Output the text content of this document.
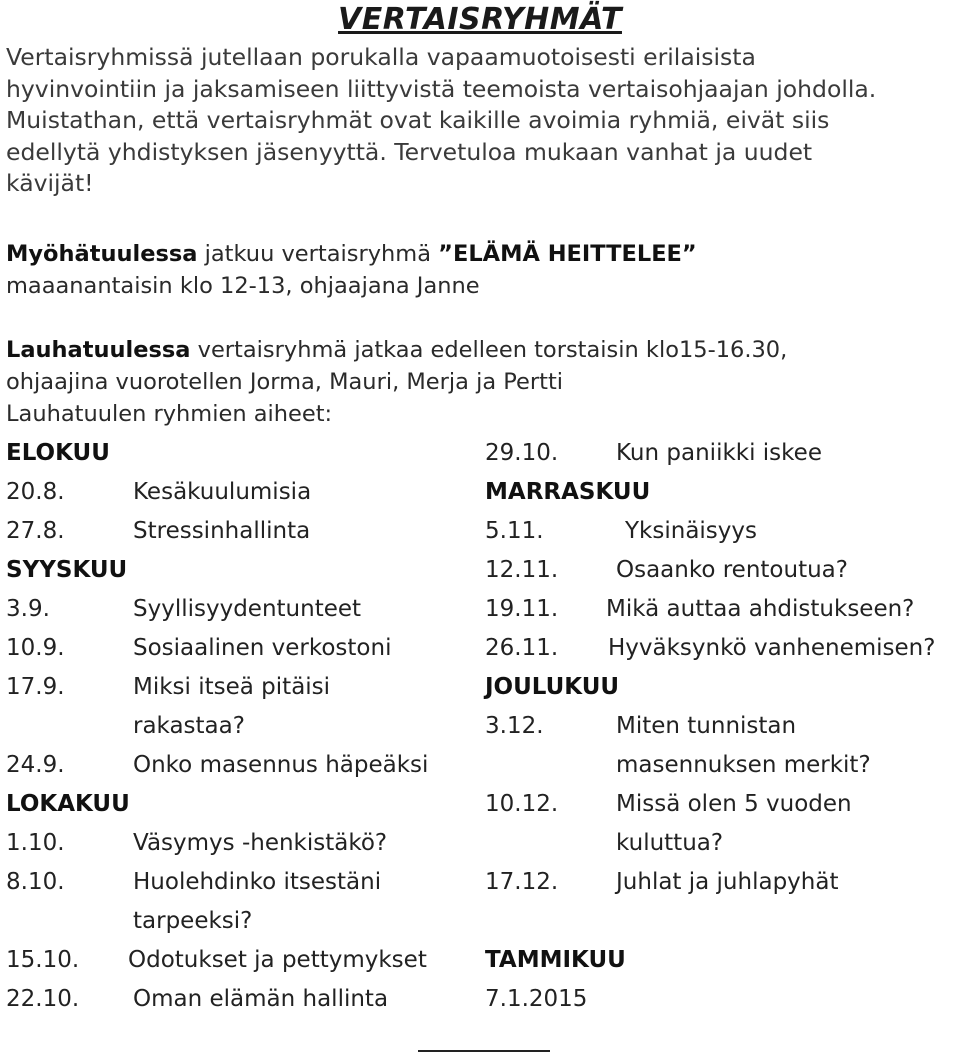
VERTAISRYHMÄT
Vertaisryhmissä jutellaan porukalla vapaamuotoisesti erilaisista
hyvinvointiin ja jaksamiseen liittyvistä teemoista vertaisohjaajan johdolla.
Muistathan, että vertaisryhmät ovat kaikille avoimia ryhmiä, eivät siis
edellytä yhdistyksen jäsenyyttä. Tervetuloa mukaan vanhat ja uudet
kävijät!
Myöhätuulessa jatkuu vertaisryhmä ”ELÄMÄ HEITTELEE”
maaanantaisin klo 12-13, ohjaajana Janne
Lauhatuulessa vertaisryhmä jatkaa edelleen torstaisin klo15-16.30,
ohjaajina vuorotellen Jorma, Mauri, Merja ja Pertti
Lauhatuulen ryhmien aiheet:
ELOKUU
20.8.	Kesäkuulumisia
27.8.	Stressinhallinta
SYYSKUU
3.9.	Syyllisyydentunteet
10.9.	Sosiaalinen verkostoni
17.9.	Miksi itseä pitäisi
rakastaa?
24.9.	Onko masennus häpeäksi
LOKAKUU
1.10.	Väsymys -henkistäkö?
8.10.	Huolehdinko itsestäni
tarpeeksi?
15.10. Odotukset ja pettymykset
22.10. Oman elämän hallinta
29.10.	Kun paniikki iskee
MARRASKUU
5.11.	Yksinäisyys
12.11.	Osaanko rentoutua?
19.11. Mikä auttaa ahdistukseen?
26.11. Hyväksynkö vanhenemisen?
JOULUKUU
3.12.	Miten tunnistan
masennuksen merkit?
10.12.	Missä olen 5 vuoden
kuluttua?
17.12.	Juhlat ja juhlapyhät
TAMMIKUU
7.1.2015
